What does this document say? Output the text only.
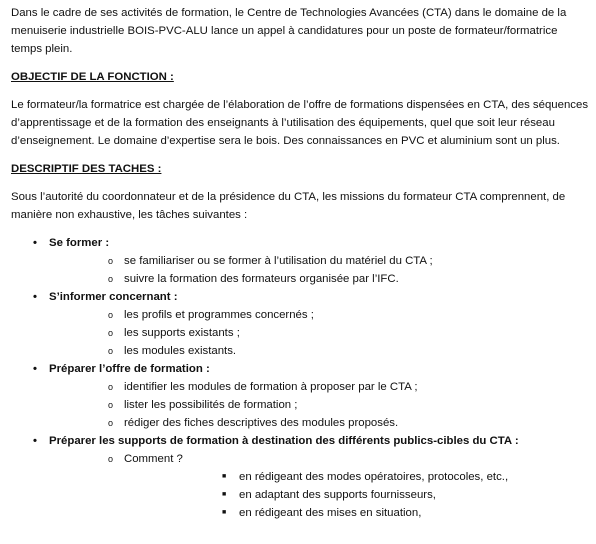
Dans le cadre de ses activités de formation, le Centre de Technologies Avancées (CTA) dans le domaine de la menuiserie industrielle BOIS-PVC-ALU lance un appel à candidatures pour un poste de formateur/formatrice temps plein.

OBJECTIF DE LA FONCTION :

Le formateur/la formatrice est chargée de l’élaboration de l’offre de formations dispensées en CTA, des séquences d’apprentissage et de la formation des enseignants à l’utilisation des équipements, quel que soit leur réseau d’enseignement. Le domaine d’expertise sera le bois. Des connaissances en PVC et aluminium sont un plus.

DESCRIPTIF DES TACHES :

Sous l’autorité du coordonnateur et de la présidence du CTA, les missions du formateur CTA comprennent, de manière non exhaustive, les tâches suivantes :

• Se former :
o se familiariser ou se former à l’utilisation du matériel du CTA ;
o suivre la formation des formateurs organisée par l’IFC.
• S’informer concernant :
o les profils et programmes concernés ;
o les supports existants ;
o les modules existants.
• Préparer l’offre de formation :
o identifier les modules de formation à proposer par le CTA ;
o lister les possibilités de formation ;
o rédiger des fiches descriptives des modules proposés.
• Préparer les supports de formation à destination des différents publics-cibles du CTA :
o Comment ?
■ en rédigeant des modes opératoires, protocoles, etc.,
■ en adaptant des supports fournisseurs,
■ en rédigeant des mises en situation,
